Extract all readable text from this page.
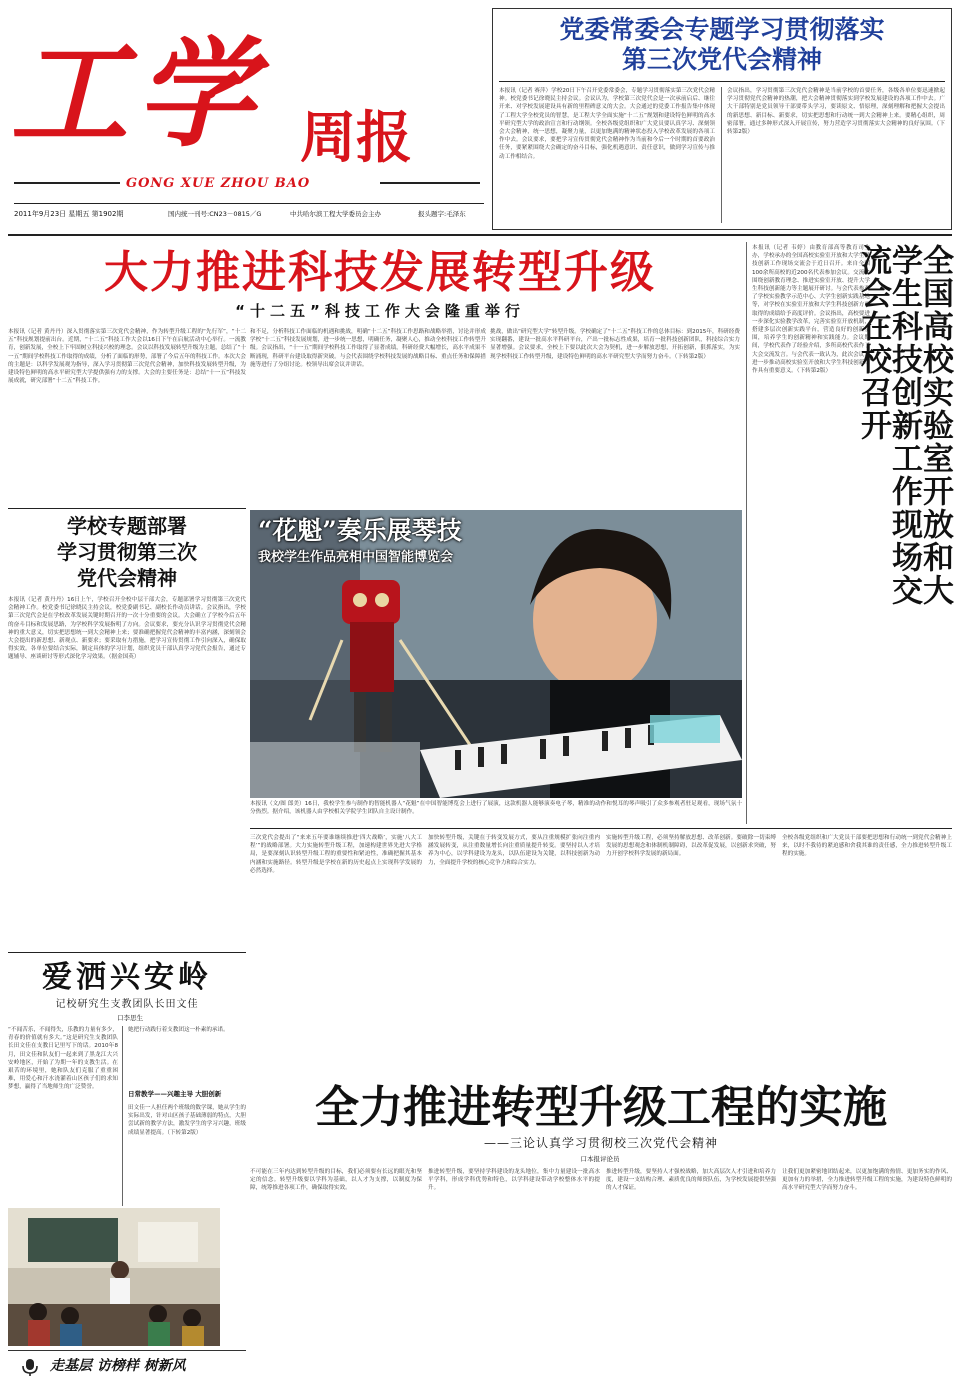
工学 周报
GONG XUE ZHOU BAO
2011年9月23日 星期五 第1902期	国内统一刊号:CN23－0815／G	中共哈尔滨工程大学委员会主办	报头题字:毛泽东
党委常委会专题学习贯彻落实
第三次党代会精神
本报讯（记者 赛萍）学校20日下午召开党委常委会，专题学习贯彻落实第三次党代会精神。校党委书记徐晓民主持会议。会议认为，学校第三次党代会是一次承前启后、继往开来、对学校发展建设具有新的里程碑意义的大会。大会通过的党委工作报告集中体现了工程大学全校党员的智慧，是工程大学全面实施“十二五”规划和建设特色鲜明的高水平研究型大学的政治宣言和行动纲领。全校各级党组织和广大党员要认真学习、深刻领会大会精神，统一思想，凝聚力量，以更加饱满的精神状态投入学校改革发展的各项工作中去。会议要求，要把学习宣传贯彻党代会精神作为当前和今后一个时期的首要政治任务，要紧紧围绕大会确定的奋斗目标，强化机遇意识、责任意识，做到学习宣传与推动工作相结合。
会议指出，学习贯彻第三次党代会精神是当前学校的首要任务，各级各单位要迅速掀起学习贯彻党代会精神的热潮，把大会精神贯彻落实到学校发展建设的各项工作中去。广大干部特别是党员领导干部要带头学习，要读原文、悟原理，深刻理解和把握大会提出的新思想、新目标、新要求，切实把思想和行动统一到大会精神上来。要精心组织，周密部署，通过多种形式深入开展宣传，努力营造学习贯彻落实大会精神的良好氛围。（下转第2版）
大力推进科技发展转型升级
“十二五”科技工作大会隆重举行
本报讯（记者 黄丹丹）深入贯彻落实第三次党代会精神，作为转型升级工程的“先行军”，“十二五”科技规划提前出台。近期，“十二五”科技工作大会以16日下午在启航活动中心举行。一流教育，创新发展，全校上下牢固树立科技兴校的理念。会议以科技发展转型升级为主题，总结了“十一五”期间学校科技工作取得的成绩，分析了面临的形势，部署了今后五年的科技工作。本次大会的主题是：以科学发展观为指导，深入学习贯彻第三次党代会精神，加快科技发展转型升级，为建设特色鲜明的高水平研究型大学提供强有力的支撑。大会的主要任务是：总结“十一五”科技发展成就，研究部署“十二五”科技工作。
和不足，分析科技工作面临的机遇和挑战，明确“十二五”科技工作思路和战略举措，讨论并形成学校“十二五”科技发展规划，进一步统一思想，明确任务，凝聚人心，推动全校科技工作转型升级。会议指出，“十一五”期间学校科技工作取得了显著成绩，科研经费大幅增长，高水平成果不断涌现，科研平台建设取得新突破。与会代表围绕学校科技发展的战略目标、重点任务和保障措施等进行了分组讨论。校领导出席会议并讲话。
挑战，做出“研究型大学”转型升级。学校确定了“十二五”科技工作的总体目标：到2015年，科研经费实现翻番，建设一批高水平科研平台，产出一批标志性成果，培育一批科技创新团队，科技综合实力显著增强。会议要求，全校上下要以此次大会为契机，进一步解放思想，开拓创新，狠抓落实，为实现学校科技工作转型升级，建设特色鲜明的高水平研究型大学而努力奋斗。（下转第2版）
本报讯（记者 韦婷）由教育部高等教育司主办，学校承办的全国高校实验室开放和大学生科技创新工作现场交流会于近日召开。来自全国100余所高校的近200名代表参加会议。交流会围绕创新教育理念、推进实验室开放、提升大学生科技创新能力等主题展开研讨。与会代表参观了学校实验教学示范中心、大学生创新实践基地等，对学校在实验室开放和大学生科技创新方面取得的成绩给予高度评价。会议指出，高校要进一步深化实验教学改革，完善实验室开放机制，搭建多层次创新实践平台，营造良好的创新氛围，培养学生的创新精神和实践能力。会议期间，学校代表作了经验介绍，多所高校代表作了大会交流发言。与会代表一致认为，此次会议对进一步推动高校实验室开放和大学生科技创新工作具有重要意义。（下转第2版）	全国高校实验室开放和大学生科技创新工作现场交流会在校召开
学校专题部署
学习贯彻第三次
党代会精神
本报讯（记者 黄丹丹）16日上午，学校召开全校中层干部大会，专题部署学习贯彻第三次党代会精神工作。校党委书记徐晓民主持会议，校党委副书记、副校长作动员讲话。会议指出，学校第三次党代会是在学校改革发展关键时期召开的一次十分重要的会议。大会确立了学校今后五年的奋斗目标和发展思路，为学校科学发展指明了方向。会议要求，要充分认识学习贯彻党代会精神的重大意义，切实把思想统一到大会精神上来；要准确把握党代会精神的丰富内涵，深刻领会大会提出的新思想、新观点、新要求；要采取有力措施，把学习宣传贯彻工作引向深入，确保取得实效。各单位要结合实际，制定具体的学习计划，组织党员干部认真学习党代会报告，通过专题辅导、座谈研讨等形式深化学习效果。（据金国英）
“花魁”奏乐展琴技
我校学生作品亮相中国智能博览会
本报讯（文/图 郎美）16日，我校学生参与制作的智能机器人“花魁”在中国智能博览会上进行了展演，这款机器人能够演奏电子琴，精准的动作和悦耳的琴声吸引了众多参观者驻足观看，现场气氛十分热烈。据介绍，该机器人由学校相关学院学生团队自主设计制作。
爱洒兴安岭
记校研究生支教团队长田文佳
口李思生
“不闻苦乐，不闻得失，乐教的力量有多少，青春的价值就有多大。”这是研究生支教团队长田文佳在支教日记里写下的话。2010年8月，田文佳和队友们一起来到了黑龙江大兴安岭地区，开始了为期一年的支教生活。在艰苦的环境里，她和队友们克服了重重困难，用爱心和汗水浇灌着山区孩子们的求知梦想，赢得了当地师生的广泛赞誉。
她把行动践行着支教团这一朴素的承诺。
日常教学——兴趣主导 大胆创新
田文佳一人担任两个班级的数学课，她从学生的实际出发，针对山区孩子基础薄弱的特点，大胆尝试新的教学方法，激发学生的学习兴趣，班级成绩显著提高。（下转第2版）
三次党代会提出了“来来五年要谁继续推进‘四大战略’，实施‘八大工程’”的战略部署。大力实施转型升级工程，加速构建世界先进大学格局，是要深刻认识转型升级工程的重要性和紧迫性，准确把握其基本内涵和实施路径。转型升级是学校在新的历史起点上实现科学发展的必然选择。
加快转型升级，关键在于转变发展方式，要从注重规模扩张向注重内涵发展转变，从注重数量增长向注重质量提升转变。要坚持以人才培养为中心，以学科建设为龙头，以队伍建设为关键，以科技创新为动力，全面提升学校的核心竞争力和综合实力。
实施转型升级工程，必须坚持解放思想、改革创新。要破除一切束缚发展的思想观念和体制机制障碍，以改革促发展，以创新求突破，努力开创学校科学发展的新局面。
全校各级党组织和广大党员干部要把思想和行动统一到党代会精神上来，以时不我待的紧迫感和舍我其谁的责任感，全力推进转型升级工程的实施。
全力推进转型升级工程的实施
——三论认真学习贯彻校三次党代会精神
口本报评论员
不可能在三年内达到转型升级的目标，我们必须要有长远的眼光和坚定的信念。转型升级要以学科为基础，以人才为支撑，以制度为保障，统筹推进各项工作，确保取得实效。
推进转型升级，要坚持学科建设的龙头地位，集中力量建设一批高水平学科，形成学科优势和特色，以学科建设带动学校整体水平的提升。
推进转型升级，要坚持人才强校战略，加大高层次人才引进和培养力度，建设一支结构合理、素质优良的师资队伍，为学校发展提供坚强的人才保证。
让我们更加紧密地团结起来，以更加饱满的热情、更加务实的作风、更加有力的举措，全力推进转型升级工程的实施，为建设特色鲜明的高水平研究型大学而努力奋斗。
走基层 访榜样 树新风
